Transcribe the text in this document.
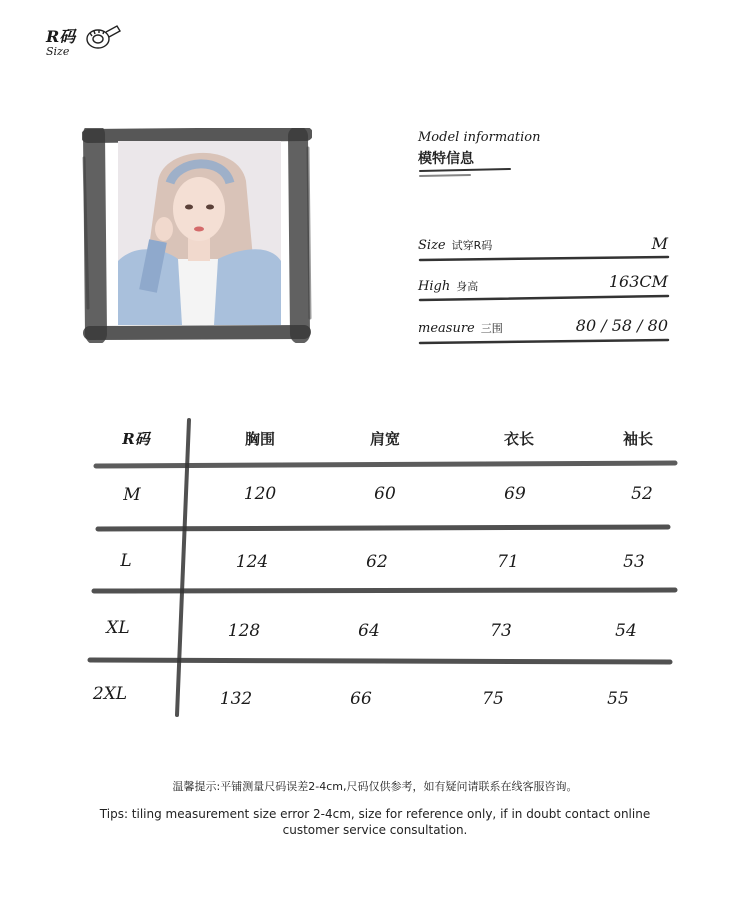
R码
Size
Model information
模特信息
Size 试穿R码	M
High 身高	163CM
measure 三围	80 / 58 / 80
R码	胸围	肩宽	衣长	袖长
M	120	60	69	52
L	124	62	71	53
XL	128	64	73	54
2XL	132	66	75	55
温馨提示:平铺测量尺码误差2-4cm,尺码仅供参考，如有疑问请联系在线客服咨询。
Tips: tiling measurement size error 2-4cm, size for reference only, if in doubt contact online customer service consultation.
